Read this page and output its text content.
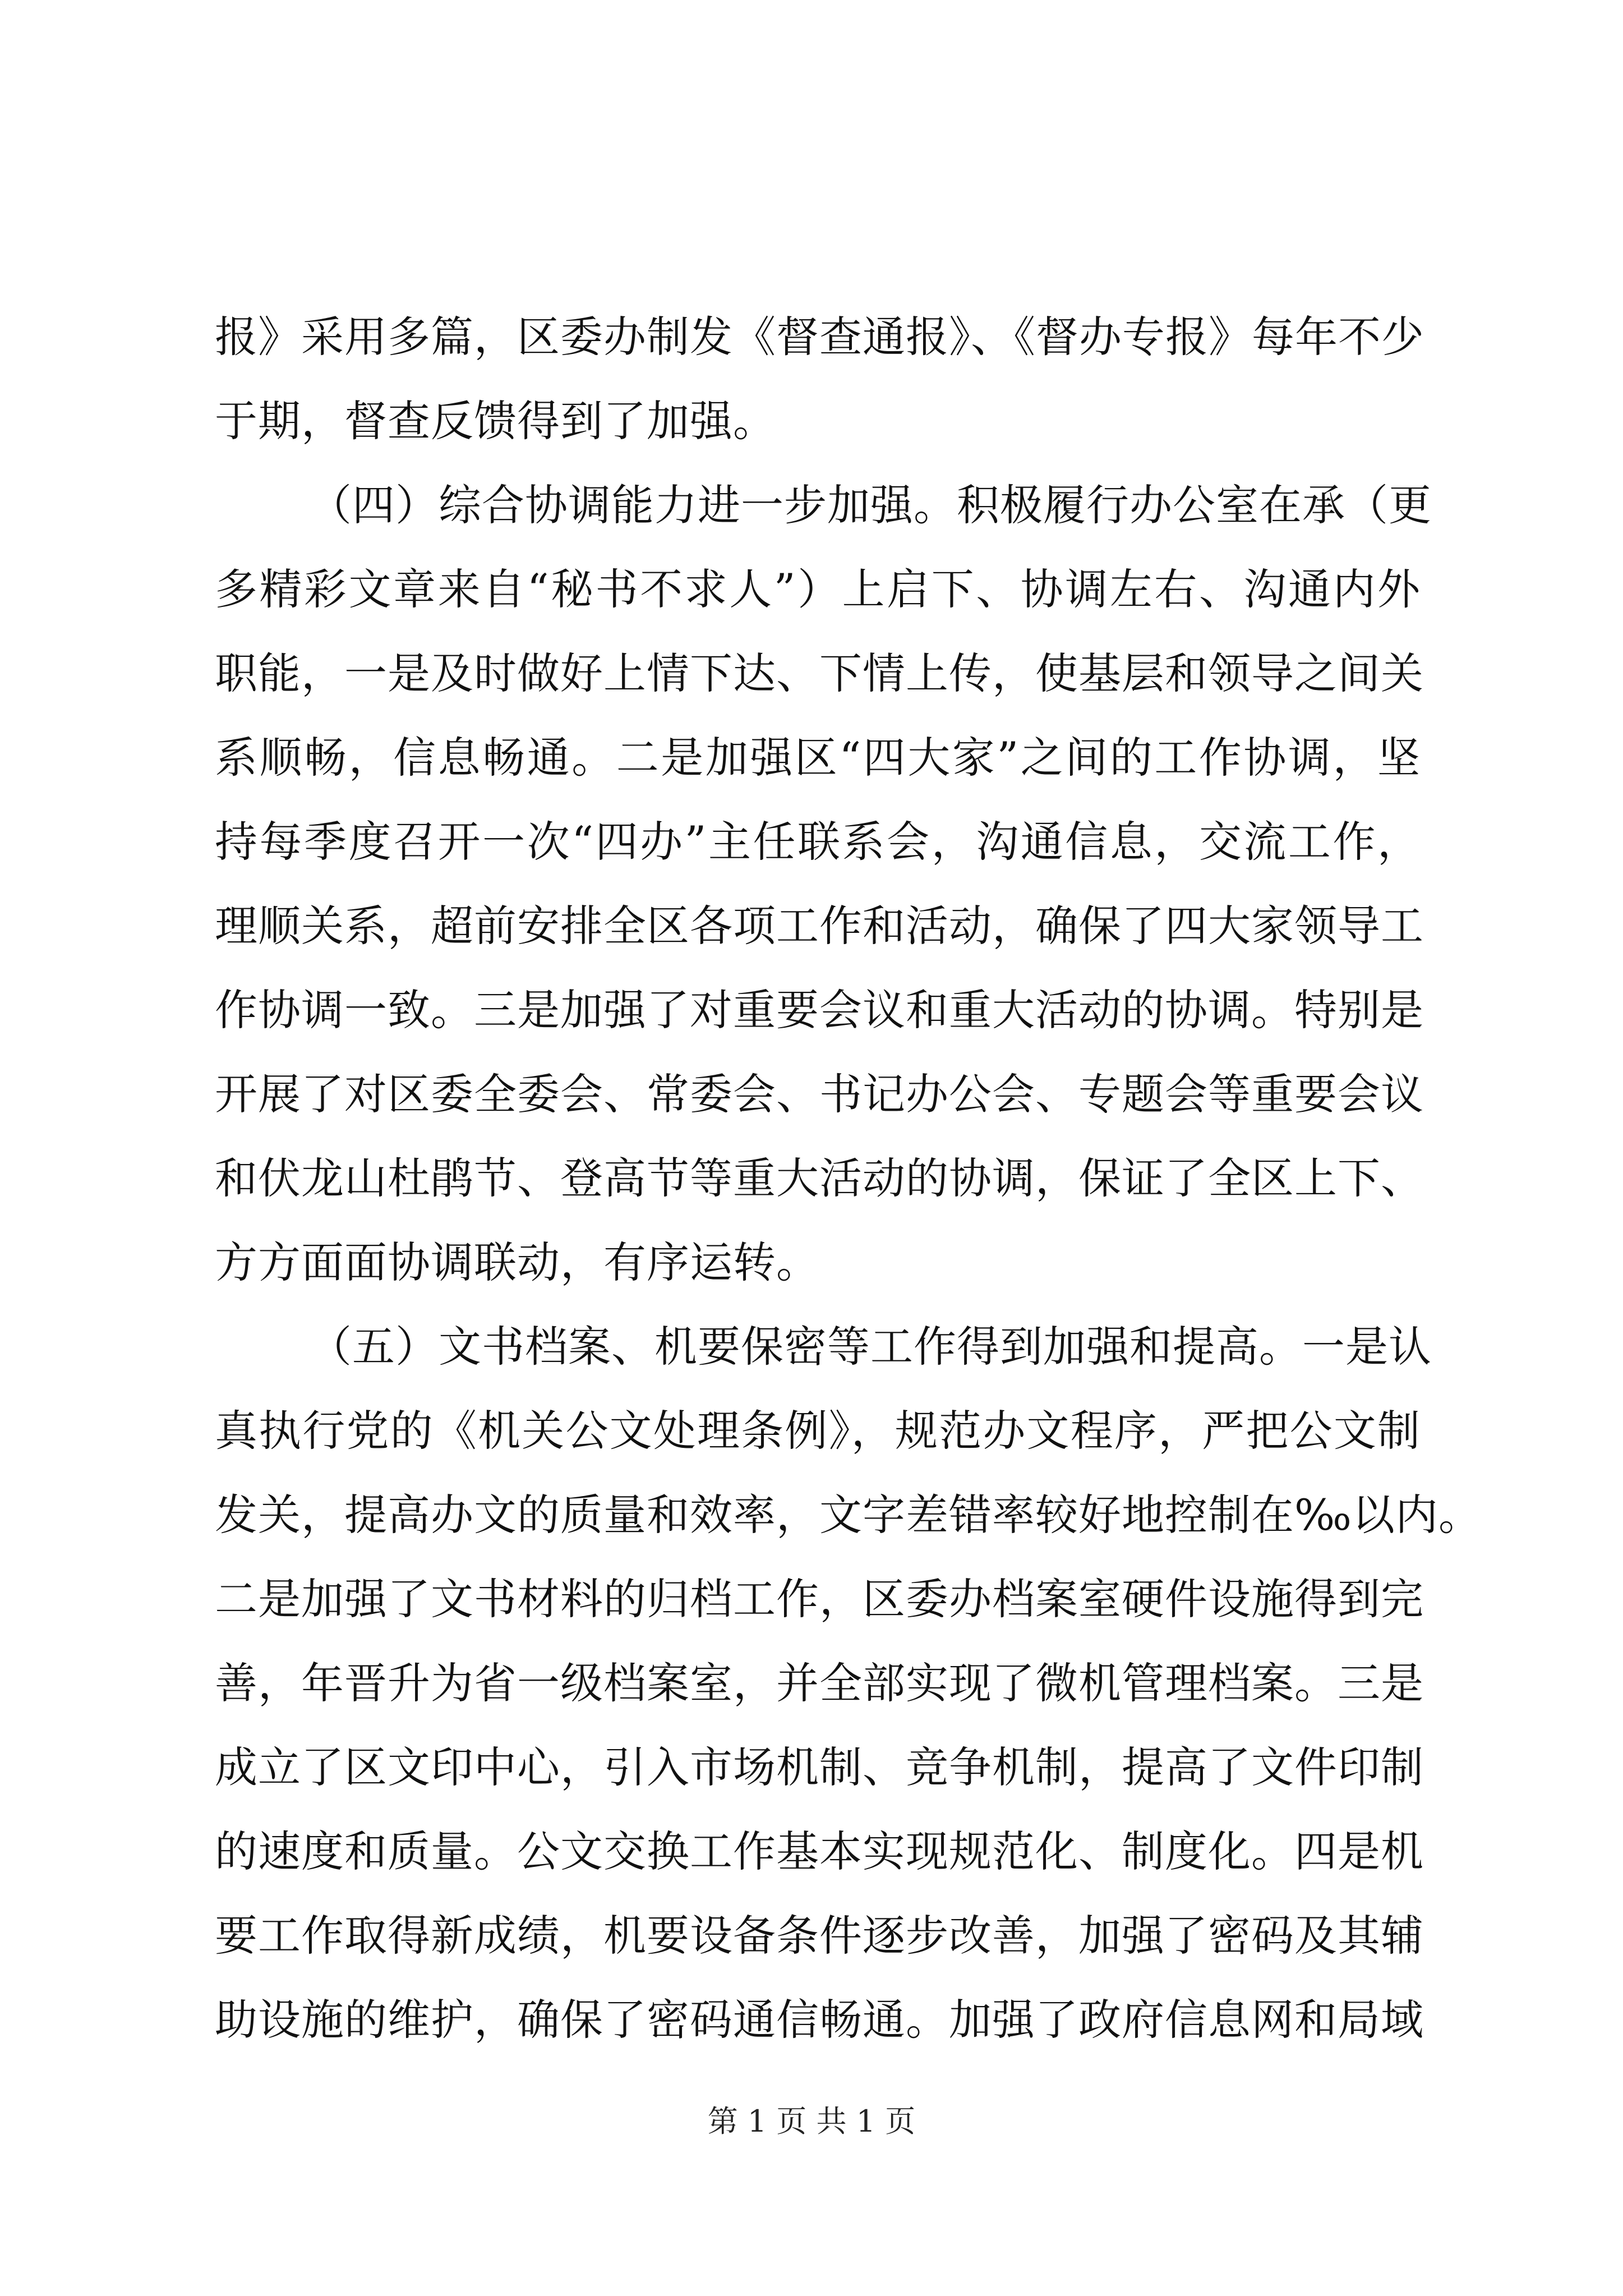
报》采用多篇，区委办制发《督查通报》、《督办专报》每年不少
于期，督查反馈得到了加强。
（四）综合协调能力进一步加强。积极履行办公室在承（更
多精彩文章来自“秘书不求人”）上启下、协调左右、沟通内外
职能，一是及时做好上情下达、下情上传，使基层和领导之间关
系顺畅，信息畅通。二是加强区“四大家”之间的工作协调，坚
持每季度召开一次“四办”主任联系会，沟通信息，交流工作，
理顺关系，超前安排全区各项工作和活动，确保了四大家领导工
作协调一致。三是加强了对重要会议和重大活动的协调。特别是
开展了对区委全委会、常委会、书记办公会、专题会等重要会议
和伏龙山杜鹃节、登高节等重大活动的协调，保证了全区上下、
方方面面协调联动，有序运转。
（五）文书档案、机要保密等工作得到加强和提高。一是认
真执行党的《机关公文处理条例》，规范办文程序，严把公文制
发关，提高办文的质量和效率，文字差错率较好地控制在‰以内。
二是加强了文书材料的归档工作，区委办档案室硬件设施得到完
善，年晋升为省一级档案室，并全部实现了微机管理档案。三是
成立了区文印中心，引入市场机制、竞争机制，提高了文件印制
的速度和质量。公文交换工作基本实现规范化、制度化。四是机
要工作取得新成绩，机要设备条件逐步改善，加强了密码及其辅
助设施的维护，确保了密码通信畅通。加强了政府信息网和局域
第 1 页 共 1 页
